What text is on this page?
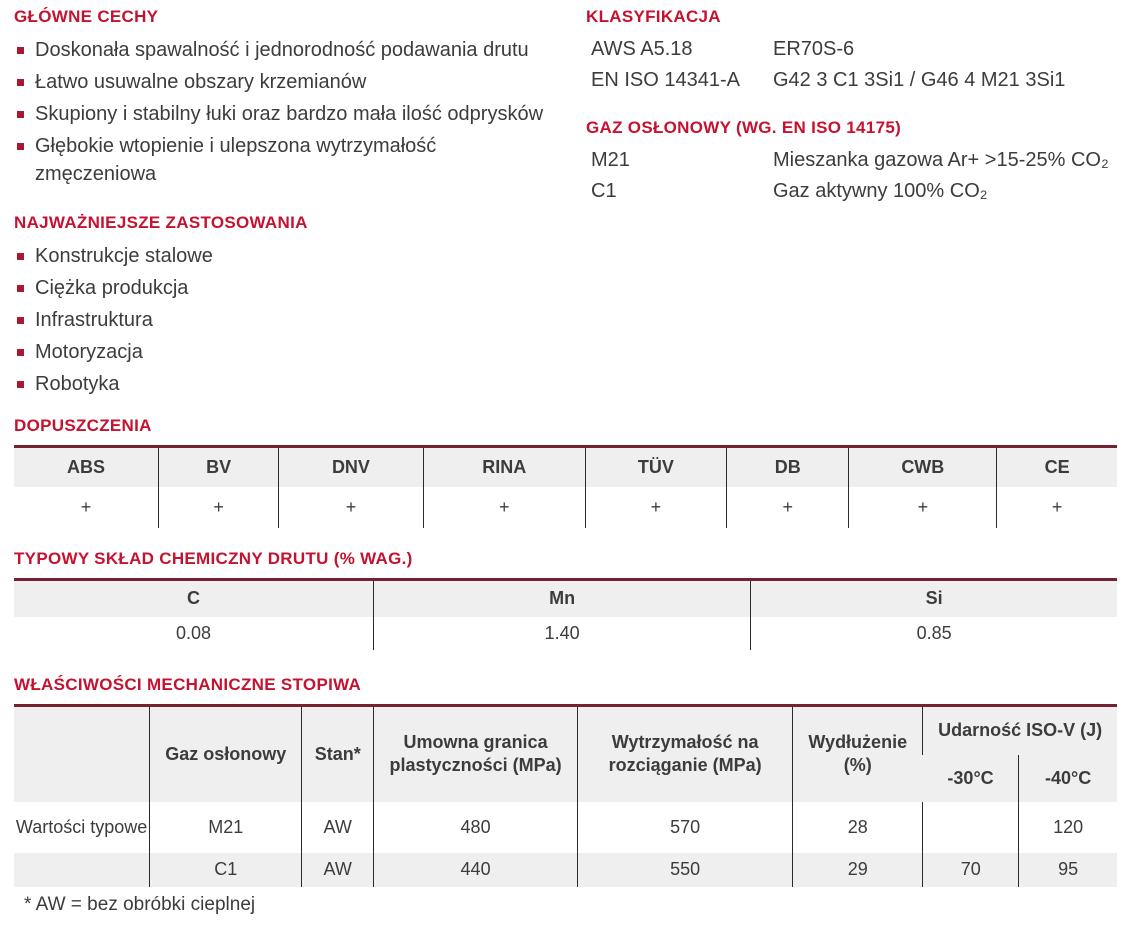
GŁÓWNE CECHY
Doskonała spawalność i jednorodność podawania drutu
Łatwo usuwalne obszary krzemianów
Skupiony i stabilny łuki oraz bardzo mała ilość odprysków
Głębokie wtopienie i ulepszona wytrzymałość zmęczeniowa
NAJWAŻNIEJSZE ZASTOSOWANIA
Konstrukcje stalowe
Ciężka produkcja
Infrastruktura
Motoryzacja
Robotyka
KLASYFIKACJA
AWS A5.18	ER70S-6
EN ISO 14341-A	G42 3 C1 3Si1 / G46 4 M21 3Si1
GAZ OSŁONOWY (WG. EN ISO 14175)
M21	Mieszanka gazowa Ar+ >15-25% CO₂
C1	Gaz aktywny 100% CO₂
DOPUSZCZENIA
ABS	BV	DNV	RINA	TÜV	DB	CWB	CE
+	+	+	+	+	+	+	+
TYPOWY SKŁAD CHEMICZNY DRUTU (% WAG.)
C	Mn	Si
0.08	1.40	0.85
WŁAŚCIWOŚCI MECHANICZNE STOPIWA
	Gaz osłonowy	Stan*	Umowna granica plastyczności (MPa)	Wytrzymałość na rozciąganie (MPa)	Wydłużenie (%)	Udarność ISO-V (J)	
						-30°C	-40°C
Wartości typowe	M21	AW	480	570	28		120
	C1	AW	440	550	29	70	95
* AW = bez obróbki cieplnej
